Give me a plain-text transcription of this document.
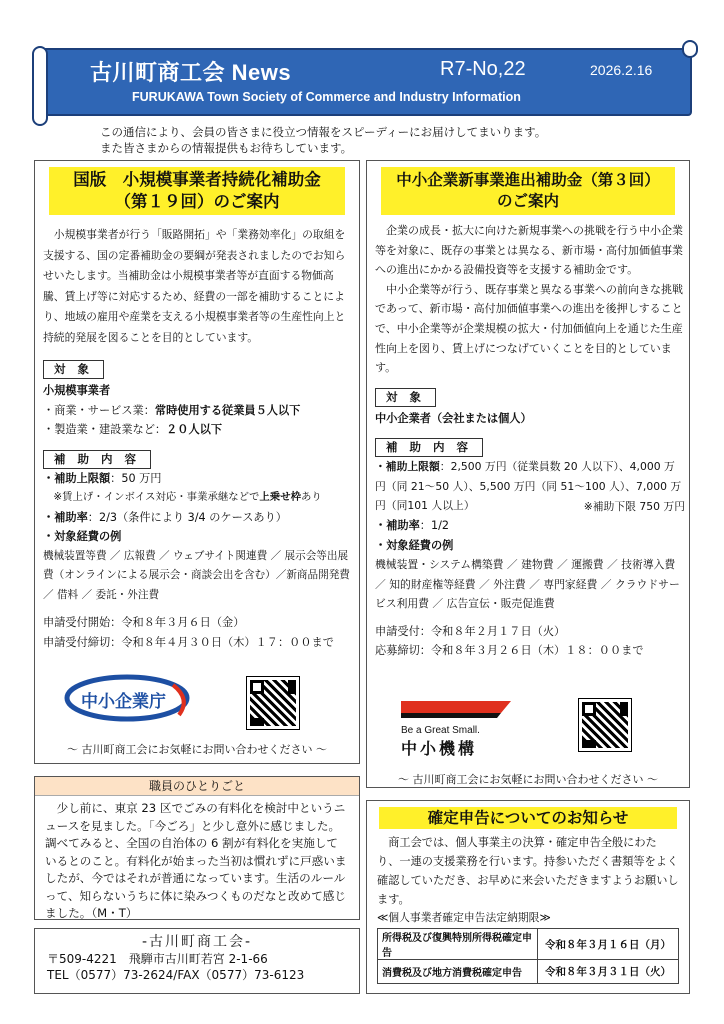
古川町商工会 News	R7-No,22	2026.2.16
FURUKAWA Town Society of Commerce and Industry Information
この通信により、会員の皆さまに役立つ情報をスピーディーにお届けしてまいります。
また皆さまからの情報提供もお待ちしています。
国版　小規模事業者持続化補助金
（第１９回）のご案内
　小規模事業者が行う「販路開拓」や「業務効率化」の取組を支援する、国の定番補助金の要綱が発表されましたのでお知らせいたします。当補助金は小規模事業者等が直面する物価高騰、賃上げ等に対応するため、経費の一部を補助することにより、地域の雇用や産業を支える小規模事業者等の生産性向上と持続的発展を図ることを目的としています。
対 象
小規模事業者
・商業・サービス業：常時使用する従業員５人以下
・製造業・建設業など：２０人以下
補 助 内 容
・補助上限額：50 万円
　※賃上げ・インボイス対応・事業承継などで上乗せ枠あり
・補助率：2/3（条件により 3/4 のケースあり）
・対象経費の例
機械装置等費 ／ 広報費 ／ ウェブサイト関連費 ／ 展示会等出展費（オンラインによる展示会・商談会出を含む）／新商品開発費 ／ 借料 ／ 委託・外注費
申請受付開始：令和８年３月６日（金）
申請受付締切：令和８年４月３０日（木）１７：００まで
中小企業庁
～ 古川町商工会にお気軽にお問い合わせください ～
中小企業新事業進出補助金（第３回）
のご案内
　企業の成長・拡大に向けた新規事業への挑戦を行う中小企業等を対象に、既存の事業とは異なる、新市場・高付加価値事業への進出にかかる設備投資等を支援する補助金です。
　中小企業等が行う、既存事業と異なる事業への前向きな挑戦であって、新市場・高付加価値事業への進出を後押しすることで、中小企業等が企業規模の拡大・付加価値向上を通じた生産性向上を図り、賃上げにつなげていくことを目的としています。
対 象
中小企業者（会社または個人）
補 助 内 容
・補助上限額：2,500 万円（従業員数 20 人以下）、4,000 万円（同 21～50 人）、5,500 万円（同 51～100 人）、7,000 万円（同101 人以上）	※補助下限 750 万円
・補助率：1/2
・対象経費の例
機械装置・システム構築費 ／ 建物費 ／ 運搬費 ／ 技術導入費 ／ 知的財産権等経費 ／ 外注費 ／ 専門家経費 ／ クラウドサービス利用費 ／ 広告宣伝・販売促進費
申請受付：令和８年２月１７日（火）
応募締切：令和８年３月２６日（木）１８：００まで
Be a Great Small.
中小機構
～ 古川町商工会にお気軽にお問い合わせください ～
職員のひとりごと
　少し前に、東京 23 区でごみの有料化を検討中というニュースを見ました。「今ごろ」と少し意外に感じました。調べてみると、全国の自治体の 6 割が有料化を実施しているとのこと。有料化が始まった当初は慣れずに戸惑いましたが、今ではそれが普通になっています。生活のルールって、知らないうちに体に染みつくものだなと改めて感じました。（M・T）
-古川町商工会-
〒509-4221　飛騨市古川町若宮 2-1-66
TEL（0577）73-2624/FAX（0577）73-6123
確定申告についてのお知らせ
　商工会では、個人事業主の決算・確定申告全般にわたり、一連の支援業務を行います。持参いただく書類等をよく確認していただき、お早めに来会いただきますようお願いします。
≪個人事業者確定申告法定納期限≫
所得税及び復興特別所得税確定申告	令和８年３月１６日（月）
消費税及び地方消費税確定申告	令和８年３月３１日（火）
